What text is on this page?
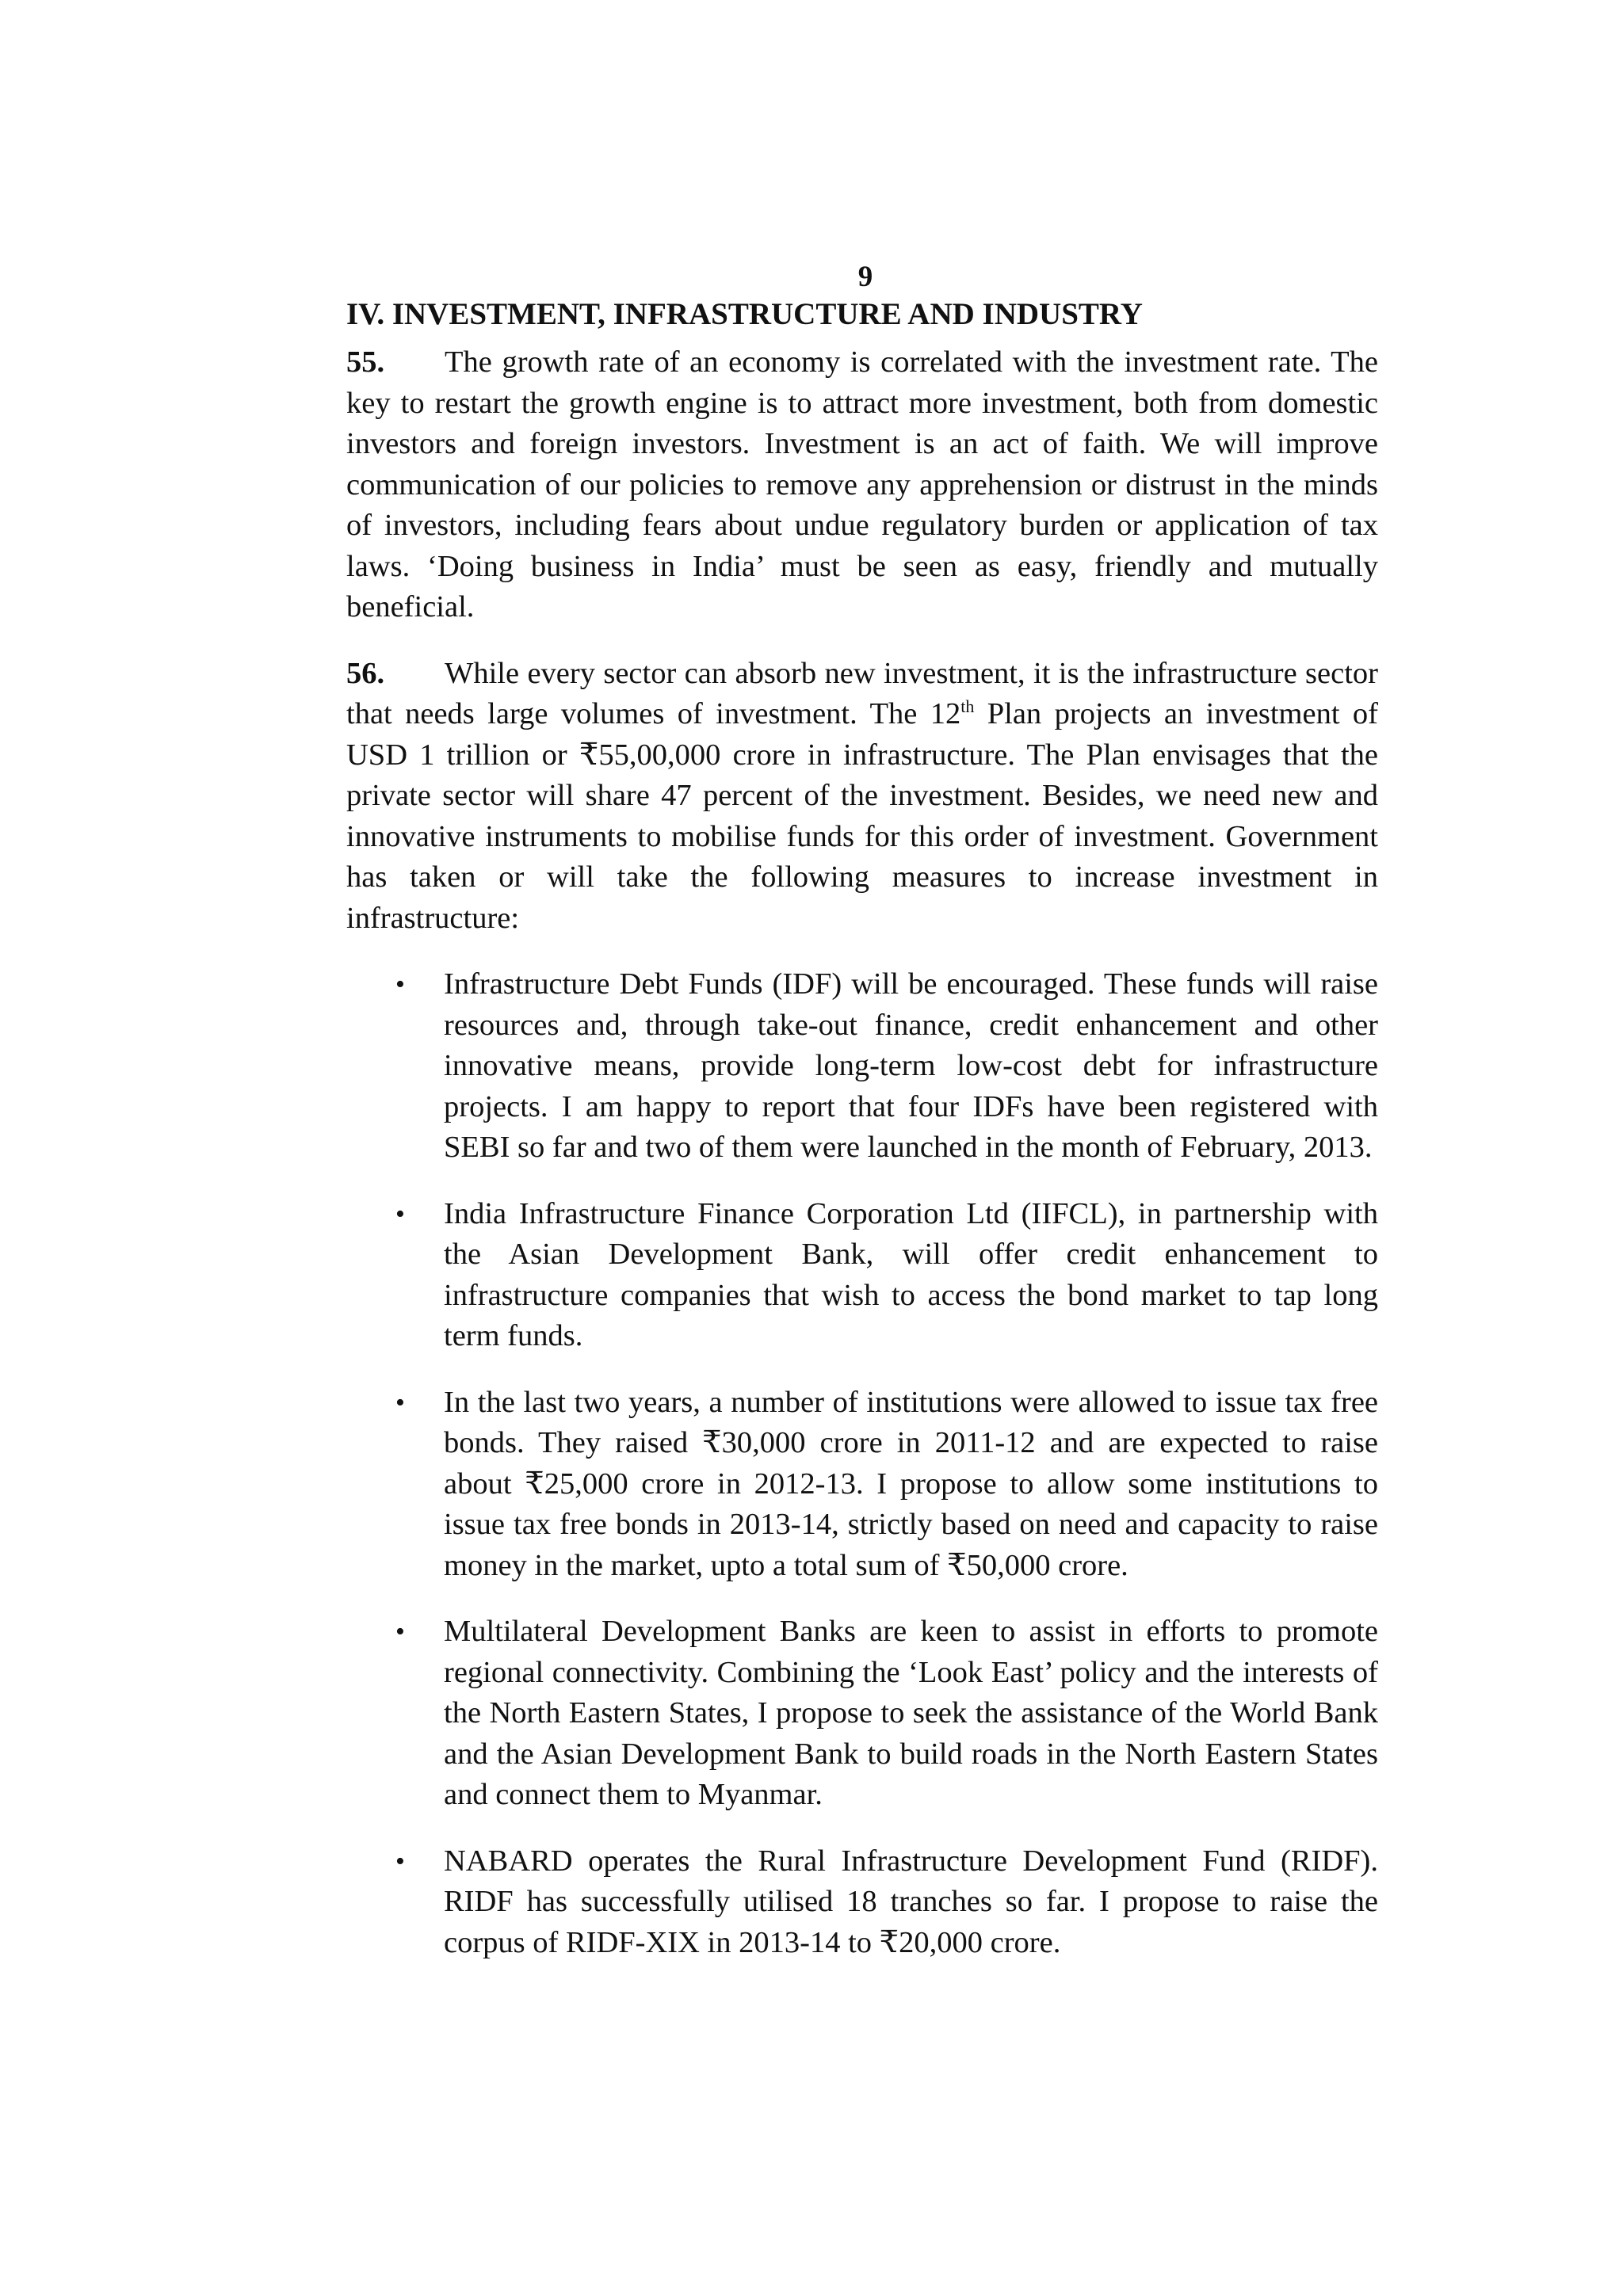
9
IV. INVESTMENT, INFRASTRUCTURE AND INDUSTRY

55. The growth rate of an economy is correlated with the investment rate. The key to restart the growth engine is to attract more investment, both from domestic investors and foreign investors. Investment is an act of faith. We will improve communication of our policies to remove any apprehension or distrust in the minds of investors, including fears about undue regulatory burden or application of tax laws. ‘Doing business in India’ must be seen as easy, friendly and mutually beneficial.

56. While every sector can absorb new investment, it is the infrastructure sector that needs large volumes of investment. The 12th Plan projects an investment of USD 1 trillion or ₹55,00,000 crore in infrastructure. The Plan envisages that the private sector will share 47 percent of the investment. Besides, we need new and innovative instruments to mobilise funds for this order of investment. Government has taken or will take the following measures to increase investment in infrastructure:

• Infrastructure Debt Funds (IDF) will be encouraged. These funds will raise resources and, through take-out finance, credit enhancement and other innovative means, provide long-term low-cost debt for infrastructure projects. I am happy to report that four IDFs have been registered with SEBI so far and two of them were launched in the month of February, 2013.
• India Infrastructure Finance Corporation Ltd (IIFCL), in partnership with the Asian Development Bank, will offer credit enhancement to infrastructure companies that wish to access the bond market to tap long term funds.
• In the last two years, a number of institutions were allowed to issue tax free bonds. They raised ₹30,000 crore in 2011-12 and are expected to raise about ₹25,000 crore in 2012-13. I propose to allow some institutions to issue tax free bonds in 2013-14, strictly based on need and capacity to raise money in the market, upto a total sum of ₹50,000 crore.
• Multilateral Development Banks are keen to assist in efforts to promote regional connectivity. Combining the ‘Look East’ policy and the interests of the North Eastern States, I propose to seek the assistance of the World Bank and the Asian Development Bank to build roads in the North Eastern States and connect them to Myanmar.
• NABARD operates the Rural Infrastructure Development Fund (RIDF). RIDF has successfully utilised 18 tranches so far. I propose to raise the corpus of RIDF-XIX in 2013-14 to ₹20,000 crore.
